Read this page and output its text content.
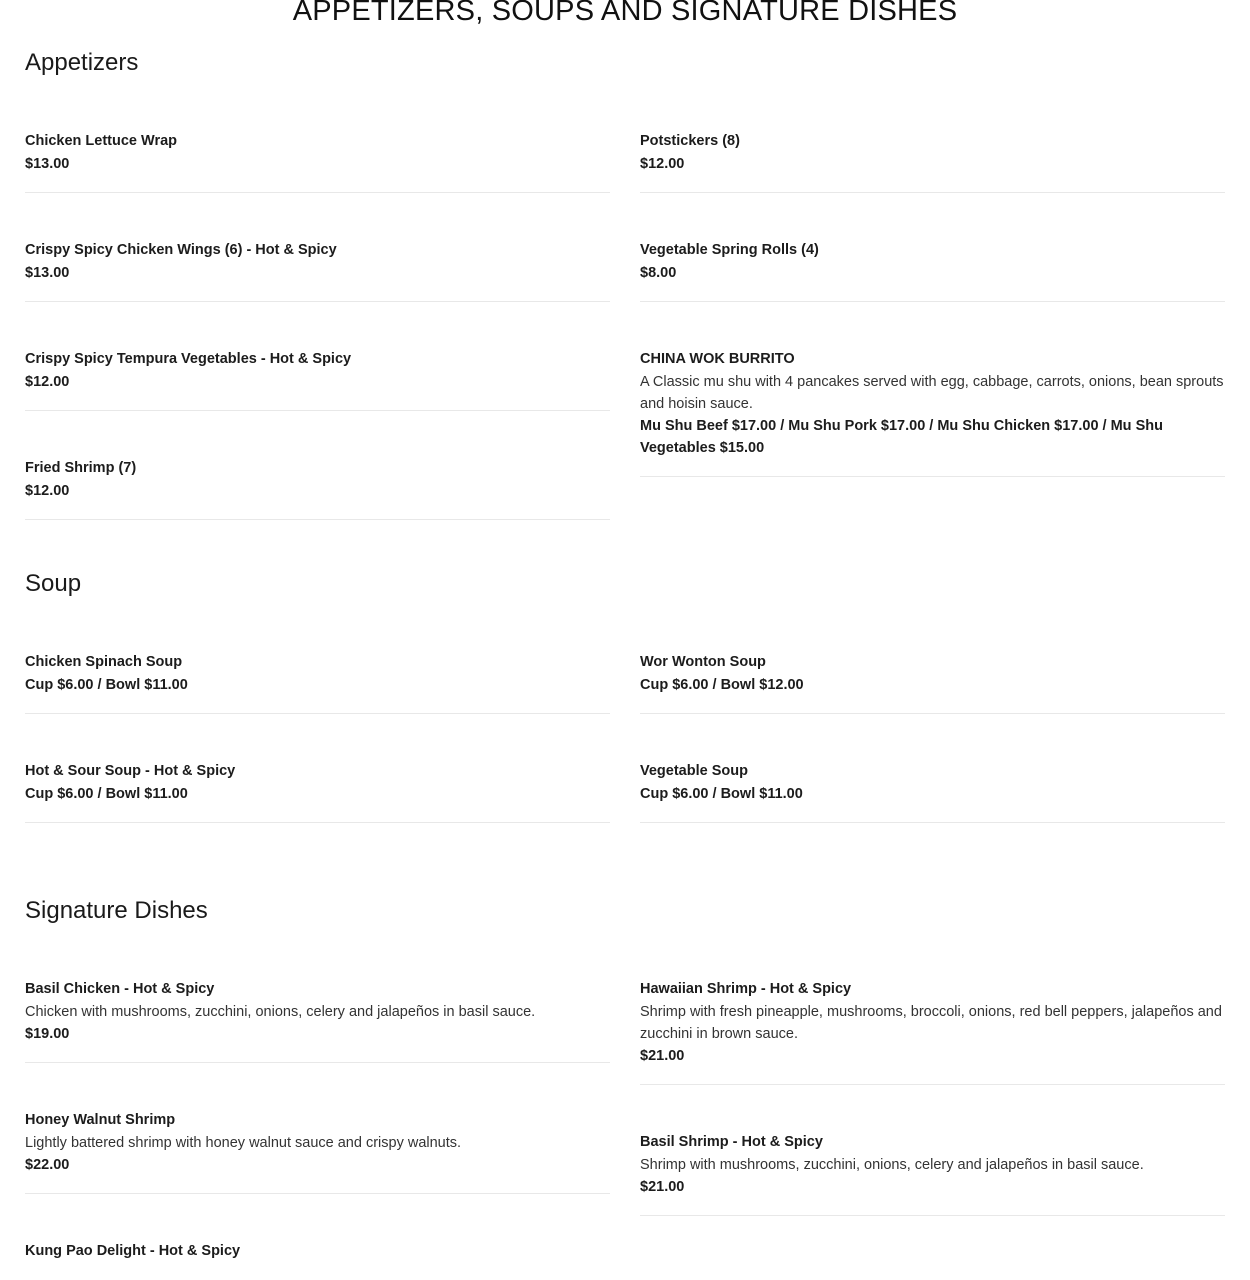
APPETIZERS, SOUPS AND SIGNATURE DISHES
Appetizers
Chicken Lettuce Wrap
$13.00
Crispy Spicy Chicken Wings (6) - Hot & Spicy
$13.00
Crispy Spicy Tempura Vegetables - Hot & Spicy
$12.00
Fried Shrimp (7)
$12.00
Potstickers (8)
$12.00
Vegetable Spring Rolls (4)
$8.00
CHINA WOK BURRITO
A Classic mu shu with 4 pancakes served with egg, cabbage, carrots, onions, bean sprouts and hoisin sauce.
Mu Shu Beef $17.00 / Mu Shu Pork $17.00 / Mu Shu Chicken $17.00 / Mu Shu Vegetables $15.00
Soup
Chicken Spinach Soup
Cup $6.00 / Bowl $11.00
Hot & Sour Soup - Hot & Spicy
Cup $6.00 / Bowl $11.00
Wor Wonton Soup
Cup $6.00 / Bowl $12.00
Vegetable Soup
Cup $6.00 / Bowl $11.00
Signature Dishes
Basil Chicken - Hot & Spicy
Chicken with mushrooms, zucchini, onions, celery and jalapeños in basil sauce.
$19.00
Honey Walnut Shrimp
Lightly battered shrimp with honey walnut sauce and crispy walnuts.
$22.00
Kung Pao Delight - Hot & Spicy
Hawaiian Shrimp - Hot & Spicy
Shrimp with fresh pineapple, mushrooms, broccoli, onions, red bell peppers, jalapeños and zucchini in brown sauce.
$21.00
Basil Shrimp - Hot & Spicy
Shrimp with mushrooms, zucchini, onions, celery and jalapeños in basil sauce.
$21.00
